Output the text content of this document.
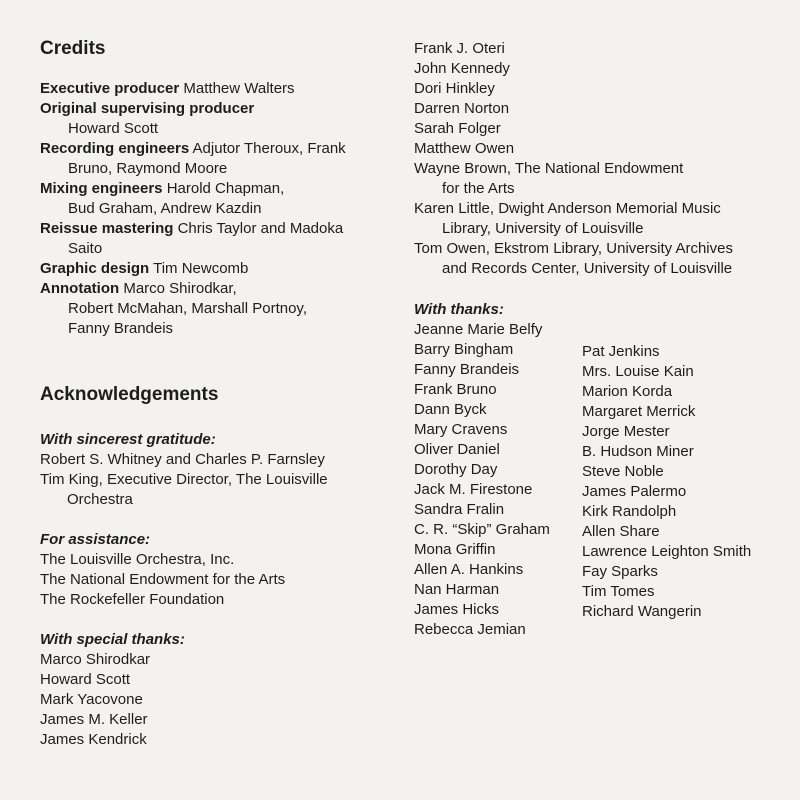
Credits
Executive producer Matthew Walters
Original supervising producer
Howard Scott
Recording engineers Adjutor Theroux, Frank
Bruno, Raymond Moore
Mixing engineers Harold Chapman,
Bud Graham, Andrew Kazdin
Reissue mastering Chris Taylor and Madoka
Saito
Graphic design Tim Newcomb
Annotation Marco Shirodkar,
Robert McMahan, Marshall Portnoy,
Fanny Brandeis
Acknowledgements
With sincerest gratitude:
Robert S. Whitney and Charles P. Farnsley
Tim King, Executive Director, The Louisville
Orchestra
For assistance:
The Louisville Orchestra, Inc.
The National Endowment for the Arts
The Rockefeller Foundation
With special thanks:
Marco Shirodkar
Howard Scott
Mark Yacovone
James M. Keller
James Kendrick
Frank J. Oteri
John Kennedy
Dori Hinkley
Darren Norton
Sarah Folger
Matthew Owen
Wayne Brown, The National Endowment
for the Arts
Karen Little, Dwight Anderson Memorial Music
Library, University of Louisville
Tom Owen, Ekstrom Library, University Archives
and Records Center, University of Louisville
With thanks:
Jeanne Marie Belfy
Barry Bingham
Fanny Brandeis
Frank Bruno
Dann Byck
Mary Cravens
Oliver Daniel
Dorothy Day
Jack M. Firestone
Sandra Fralin
C. R. “Skip” Graham
Mona Griffin
Allen A. Hankins
Nan Harman
James Hicks
Rebecca Jemian
Pat Jenkins
Mrs. Louise Kain
Marion Korda
Margaret Merrick
Jorge Mester
B. Hudson Miner
Steve Noble
James Palermo
Kirk Randolph
Allen Share
Lawrence Leighton Smith
Fay Sparks
Tim Tomes
Richard Wangerin
